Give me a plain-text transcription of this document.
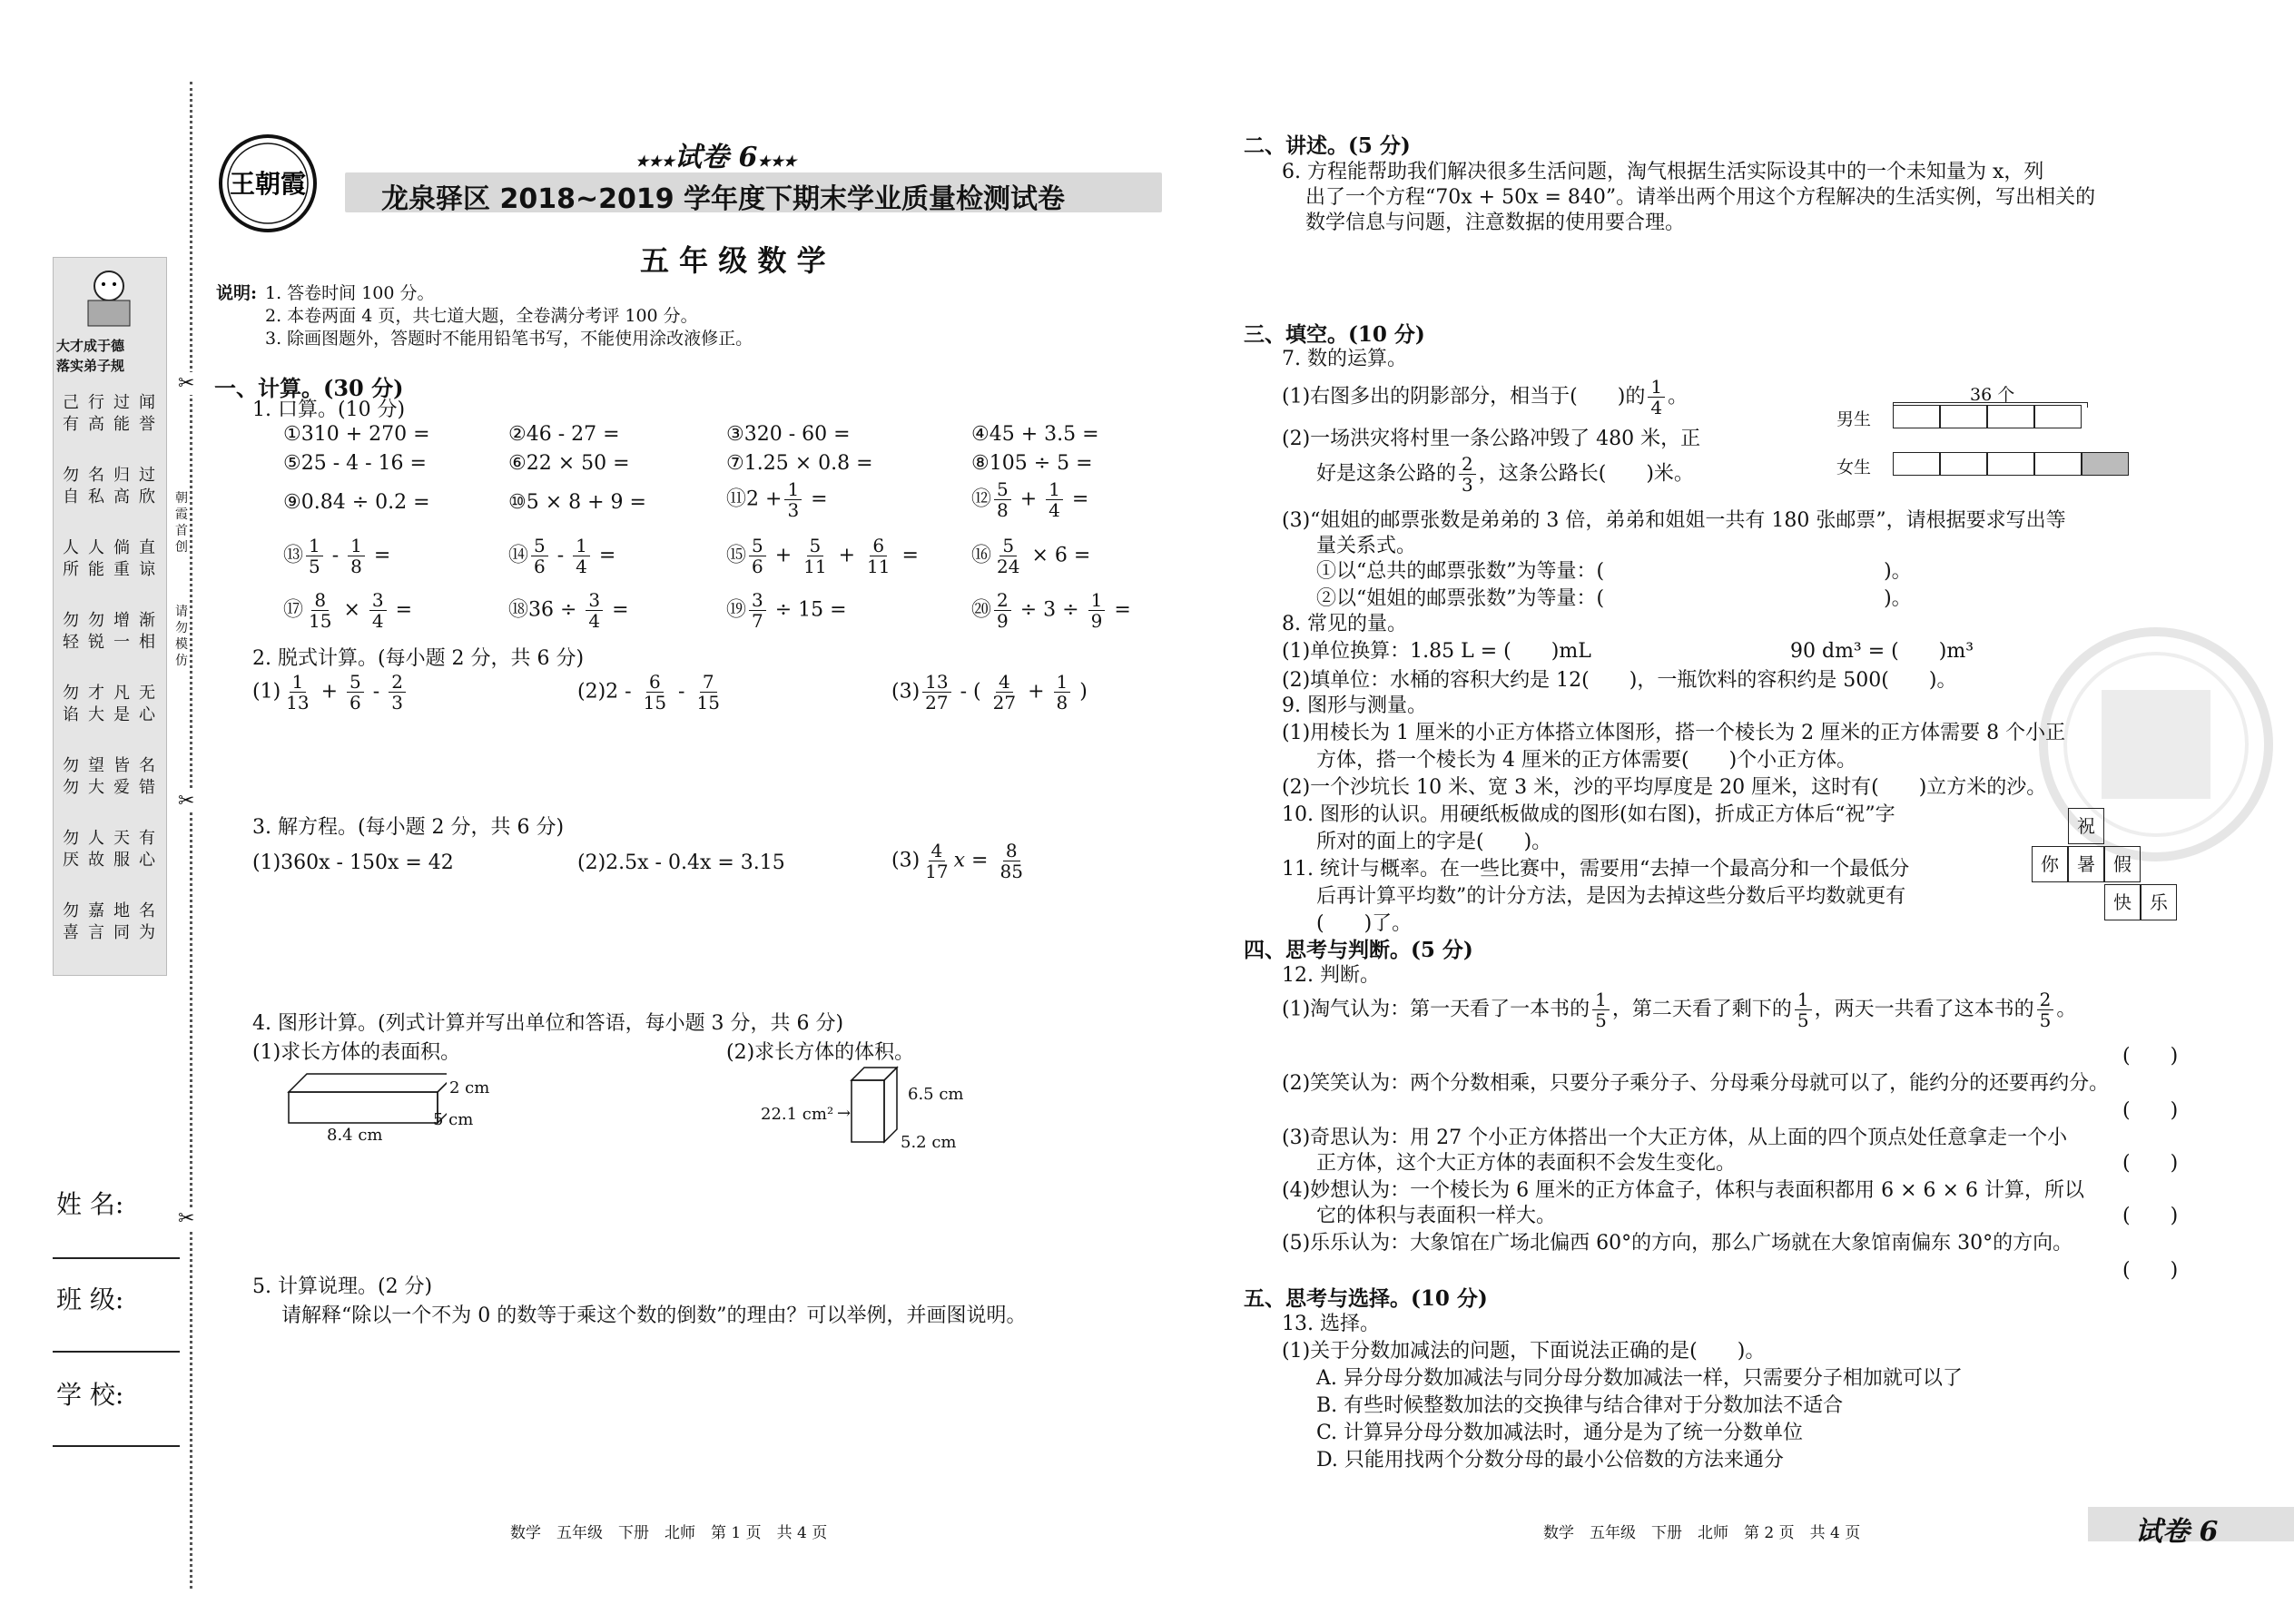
大才成于德
落实弟子规
己有
行高
过能
闻誉
勿自
名私
归高
过欣
人所
人能
倘重
直谅
勿轻
勿锐
增一
渐相
勿谄
才大
凡是
无心
勿勿
望大
皆爱
名错
勿厌
人故
天服
有心
勿喜
嘉言
地同
名为
✂
✂
✂
朝霞首创
请勿模仿
姓 名:
班 级:
学 校:
王朝霞
★★★试卷 6★★★
龙泉驿区 2018~2019 学年度下期末学业质量检测试卷
五 年 级 数 学
说明: 1. 答卷时间 100 分。
2. 本卷两面 4 页，共七道大题，全卷满分考评 100 分。
3. 除画图题外，答题时不能用铅笔书写，不能使用涂改液修正。
一、计算。(30 分)
1. 口算。(10 分)
①310 + 270 =	②46 - 27 =	③320 - 60 =	④45 + 3.5 =
⑤25 - 4 - 16 =	⑥22 × 50 =	⑦1.25 × 0.8 =	⑧105 ÷ 5 =
⑨0.84 ÷ 0.2 =	⑩5 × 8 + 9 =	⑪2 + $\frac{1}{3}$ =	⑫ $\frac{5}{8} + \frac{1}{4}$ =
⑬ $\frac{1}{5} - \frac{1}{8}$ =	⑭ $\frac{5}{6} - \frac{1}{4}$ =	⑮ $\frac{5}{6} + \frac{5}{11} + \frac{6}{11}$ =	⑯ $\frac{5}{24} \times 6$ =
⑰ $\frac{8}{15} \times \frac{3}{4}$ =	⑱36 ÷ $\frac{3}{4}$ =	⑲ $\frac{3}{7} \div 15$ =	⑳ $\frac{2}{9} \div 3 \div \frac{1}{9}$ =
2. 脱式计算。(每小题 2 分，共 6 分)
$(1) \frac{1}{13} + \frac{5}{6} - \frac{2}{3}$	$(2)2 - \frac{6}{15} - \frac{7}{15}$	$(3) \frac{13}{27}$ - ( $\frac{4}{27} + \frac{1}{8}$ )
3. 解方程。(每小题 2 分，共 6 分)
(1)360x - 150x = 42	(2)2.5x - 0.4x = 3.15	$(3) \frac{4}{17}$ $x = \frac{8}{85}$
4. 图形计算。(列式计算并写出单位和答语，每小题 3 分，共 6 分)
(1)求长方体的表面积。	(2)求长方体的体积。
2 cm
5 cm
8.4 cm
→
6.5 cm
22.1 cm²
5.2 cm
5. 计算说理。(2 分)
请解释“除以一个不为 0 的数等于乘这个数的倒数”的理由？可以举例，并画图说明。
数学　五年级　下册　北师　第 1 页　共 4 页
二、讲述。(5 分)
6. 方程能帮助我们解决很多生活问题，淘气根据生活实际设其中的一个未知量为 x，列
出了一个方程“70x + 50x = 840”。请举出两个用这个方程解决的生活实例，写出相关的
数学信息与问题，注意数据的使用要合理。
三、填空。(10 分)
7. 数的运算。
(1)右图多出的阴影部分，相当于(　　)的 $\frac{1}{4}$ 。
(2)一场洪灾将村里一条公路冲毁了 480 米，正
好是这条公路的 $\frac{2}{3}$ ，这条公路长(　　)米。
36 个
男生
女生
(3)“姐姐的邮票张数是弟弟的 3 倍，弟弟和姐姐一共有 180 张邮票”，请根据要求写出等
量关系式。
①以“总共的邮票张数”为等量：(　　　　　　　　　　　　　　)。
②以“姐姐的邮票张数”为等量：(　　　　　　　　　　　　　　)。
8. 常见的量。
(1)单位换算：1.85 L = (　　)mL	90 dm³ = (　　)m³
(2)填单位：水桶的容积大约是 12(　　)，一瓶饮料的容积约是 500(　　)。
9. 图形与测量。
(1)用棱长为 1 厘米的小正方体搭立体图形，搭一个棱长为 2 厘米的正方体需要 8 个小正
方体，搭一个棱长为 4 厘米的正方体需要(　　)个小正方体。
(2)一个沙坑长 10 米、宽 3 米，沙的平均厚度是 20 厘米，这时有(　　)立方米的沙。
10. 图形的认识。用硬纸板做成的图形(如右图)，折成正方体后“祝”字
所对的面上的字是(　　)。
11. 统计与概率。在一些比赛中，需要用“去掉一个最高分和一个最低分
后再计算平均数”的计分方法，是因为去掉这些分数后平均数就更有
(　　)了。
祝
你	暑	假
快	乐
四、思考与判断。(5 分)
12. 判断。
(1)淘气认为：第一天看了一本书的 $\frac{1}{5}$ ，第二天看了剩下的 $\frac{1}{5}$ ，两天一共看了这本书的 $\frac{2}{5}$ 。
(　　)
(2)笑笑认为：两个分数相乘，只要分子乘分子、分母乘分母就可以了，能约分的还要再约分。
(　　)
(3)奇思认为：用 27 个小正方体搭出一个大正方体，从上面的四个顶点处任意拿走一个小
正方体，这个大正方体的表面积不会发生变化。	(　　)
(4)妙想认为：一个棱长为 6 厘米的正方体盒子，体积与表面积都用 6 × 6 × 6 计算，所以
它的体积与表面积一样大。	(　　)
(5)乐乐认为：大象馆在广场北偏西 60°的方向，那么广场就在大象馆南偏东 30°的方向。
(　　)
五、思考与选择。(10 分)
13. 选择。
(1)关于分数加减法的问题，下面说法正确的是(　　)。
A. 异分母分数加减法与同分母分数加减法一样，只需要分子相加就可以了
B. 有些时候整数加法的交换律与结合律对于分数加法不适合
C. 计算异分母分数加减法时，通分是为了统一分数单位
D. 只能用找两个分数分母的最小公倍数的方法来通分
数学　五年级　下册　北师　第 2 页　共 4 页	试卷 6
